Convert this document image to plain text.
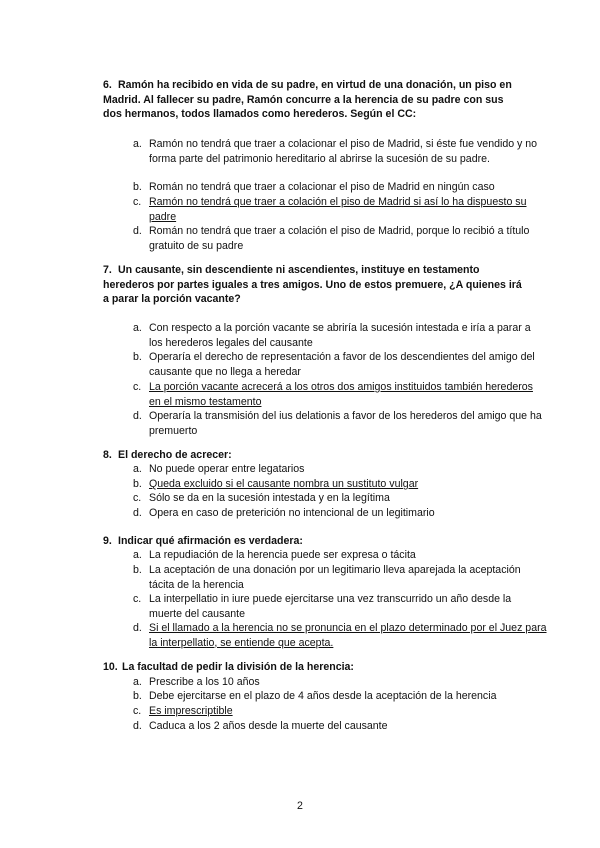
6. Ramón ha recibido en vida de su padre, en virtud de una donación, un piso en Madrid. Al fallecer su padre, Ramón concurre a la herencia de su padre con sus dos hermanos, todos llamados como herederos. Según el CC:
a. Ramón no tendrá que traer a colacionar el piso de Madrid, si éste fue vendido y no forma parte del patrimonio hereditario al abrirse la sucesión de su padre.
b. Román no tendrá que traer a colacionar el piso de Madrid en ningún caso
c. Ramón no tendrá que traer a colación el piso de Madrid si así lo ha dispuesto su padre
d. Román no tendrá que traer a colación el piso de Madrid, porque lo recibió a título gratuito de su padre
7. Un causante, sin descendiente ni ascendientes, instituye en testamento herederos por partes iguales a tres amigos. Uno de estos premuere, ¿A quienes irá a parar la porción vacante?
a. Con respecto a la porción vacante se abriría la sucesión intestada e iría a parar a los herederos legales del causante
b. Operaría el derecho de representación a favor de los descendientes del amigo del causante que no llega a heredar
c. La porción vacante acrecerá a los otros dos amigos instituidos también herederos en el mismo testamento
d. Operaría la transmisión del ius delationis a favor de los herederos del amigo que ha premuerto
8. El derecho de acrecer:
a. No puede operar entre legatarios
b. Queda excluido si el causante nombra un sustituto vulgar
c. Sólo se da en la sucesión intestada y en la legítima
d. Opera en caso de preterición no intencional de un legitimario
9. Indicar qué afirmación es verdadera:
a. La repudiación de la herencia puede ser expresa o tácita
b. La aceptación de una donación por un legitimario lleva aparejada la aceptación tácita de la herencia
c. La interpellatio in iure puede ejercitarse una vez transcurrido un año desde la muerte del causante
d. Si el llamado a la herencia no se pronuncia en el plazo determinado por el Juez para la interpellatio, se entiende que acepta.
10. La facultad de pedir la división de la herencia:
a. Prescribe a los 10 años
b. Debe ejercitarse en el plazo de 4 años desde la aceptación de la herencia
c. Es imprescriptible
d. Caduca a los 2 años desde la muerte del causante
2
